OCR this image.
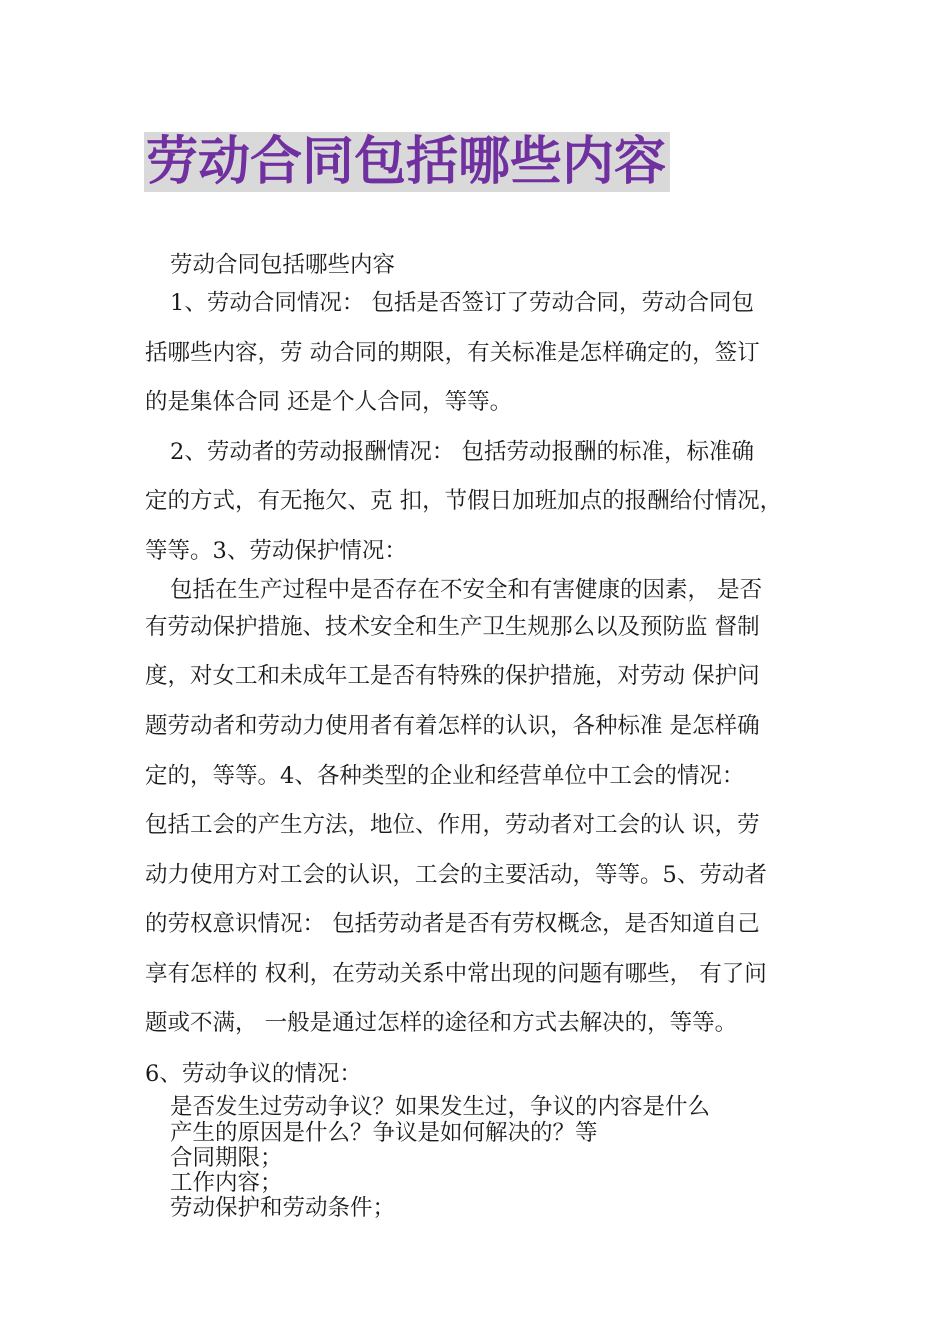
劳动合同包括哪些内容
劳动合同包括哪些内容
1、劳动合同情况： 包括是否签订了劳动合同，劳动合同包
括哪些内容，劳 动合同的期限，有关标准是怎样确定的，签订
的是集体合同 还是个人合同，等等。
2、劳动者的劳动报酬情况： 包括劳动报酬的标准，标准确
定的方式，有无拖欠、克 扣，节假日加班加点的报酬给付情况，
等等。3、劳动保护情况：
包括在生产过程中是否存在不安全和有害健康的因素， 是否
有劳动保护措施、技术安全和生产卫生规那么以及预防监 督制
度，对女工和未成年工是否有特殊的保护措施，对劳动 保护问
题劳动者和劳动力使用者有着怎样的认识，各种标准 是怎样确
定的，等等。4、各种类型的企业和经营单位中工会的情况：
包括工会的产生方法，地位、作用，劳动者对工会的认 识，劳
动力使用方对工会的认识，工会的主要活动，等等。5、劳动者
的劳权意识情况： 包括劳动者是否有劳权概念，是否知道自己
享有怎样的 权利，在劳动关系中常出现的问题有哪些， 有了问
题或不满， 一般是通过怎样的途径和方式去解决的，等等。
6、劳动争议的情况：
是否发生过劳动争议？如果发生过，争议的内容是什么
产生的原因是什么？争议是如何解决的？等
合同期限；
工作内容；
劳动保护和劳动条件；
